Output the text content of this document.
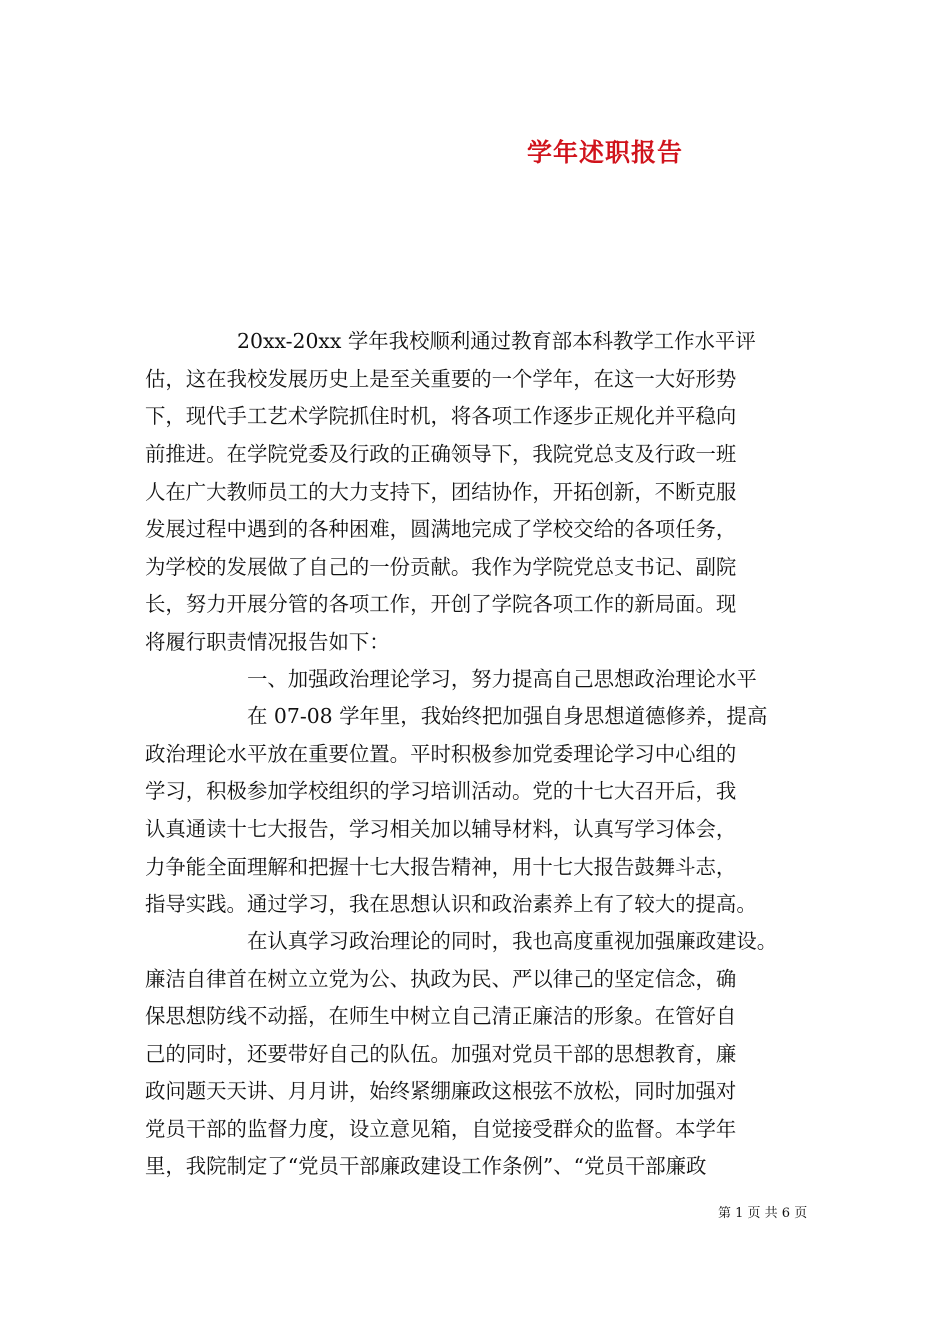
学年述职报告
20xx-20xx 学年我校顺利通过教育部本科教学工作水平评
估，这在我校发展历史上是至关重要的一个学年，在这一大好形势
下，现代手工艺术学院抓住时机，将各项工作逐步正规化并平稳向
前推进。在学院党委及行政的正确领导下，我院党总支及行政一班
人在广大教师员工的大力支持下，团结协作，开拓创新，不断克服
发展过程中遇到的各种困难，圆满地完成了学校交给的各项任务，
为学校的发展做了自己的一份贡献。我作为学院党总支书记、副院
长，努力开展分管的各项工作，开创了学院各项工作的新局面。现
将履行职责情况报告如下：
一、加强政治理论学习，努力提高自己思想政治理论水平
在 07-08 学年里，我始终把加强自身思想道德修养，提高
政治理论水平放在重要位置。平时积极参加党委理论学习中心组的
学习，积极参加学校组织的学习培训活动。党的十七大召开后，我
认真通读十七大报告，学习相关加以辅导材料，认真写学习体会，
力争能全面理解和把握十七大报告精神，用十七大报告鼓舞斗志，
指导实践。通过学习，我在思想认识和政治素养上有了较大的提高。
在认真学习政治理论的同时，我也高度重视加强廉政建设。
廉洁自律首在树立立党为公、执政为民、严以律己的坚定信念，确
保思想防线不动摇，在师生中树立自己清正廉洁的形象。在管好自
己的同时，还要带好自己的队伍。加强对党员干部的思想教育，廉
政问题天天讲、月月讲，始终紧绷廉政这根弦不放松，同时加强对
党员干部的监督力度，设立意见箱，自觉接受群众的监督。本学年
里，我院制定了“党员干部廉政建设工作条例”、“党员干部廉政
第 1 页 共 6 页
